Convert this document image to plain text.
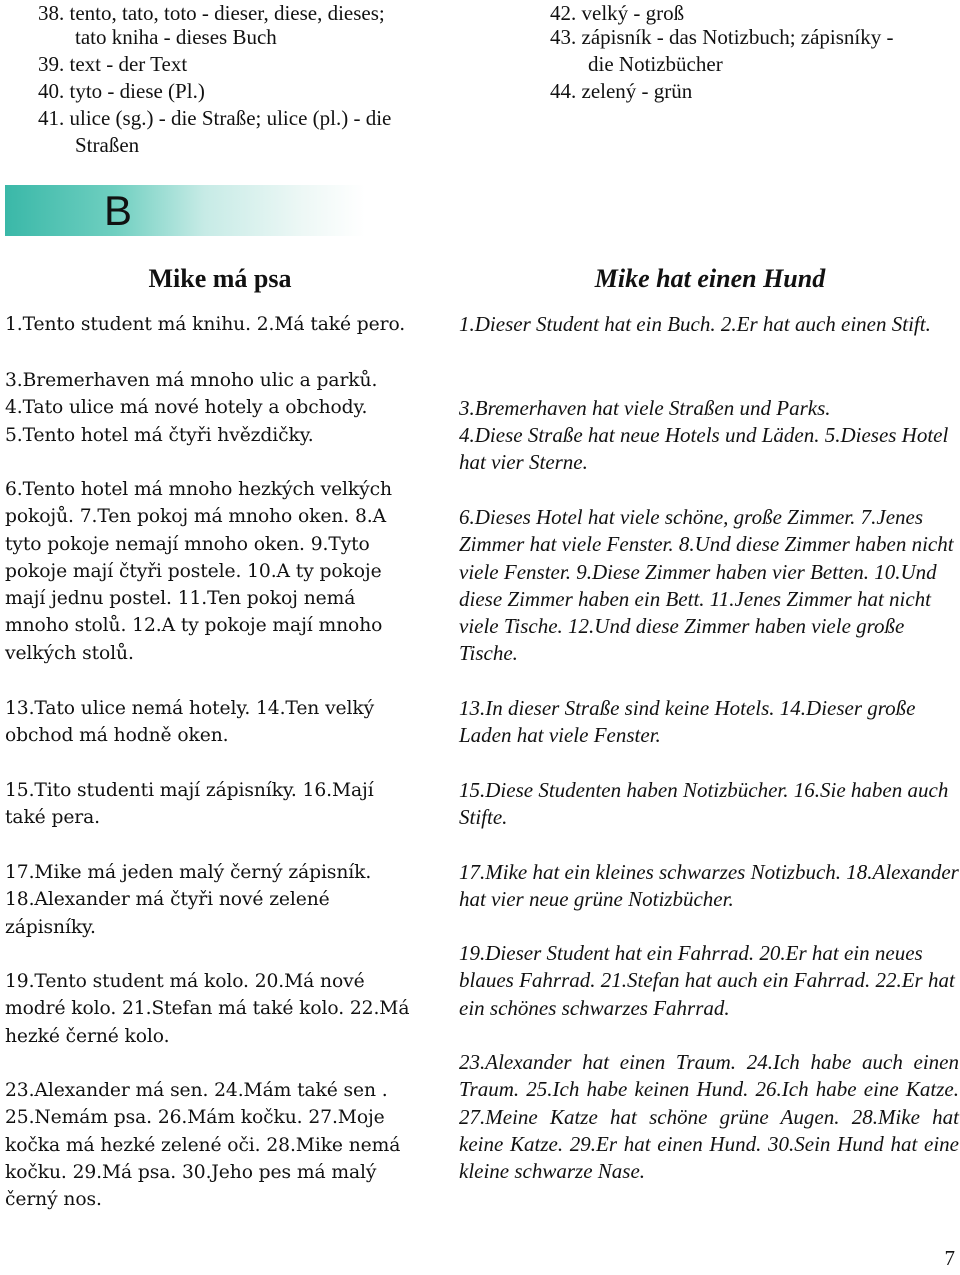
38. tento, tato, toto - dieser, diese, dieses;
tato kniha - dieses Buch
39. text - der Text
40. tyto - diese (Pl.)
41. ulice (sg.) - die Straße; ulice (pl.) - die
Straßen
42. velký - groß
43. zápisník - das Notizbuch; zápisníky -
die Notizbücher
44. zelený - grün
B
Mike má psa	Mike hat einen Hund
1.Tento student má knihu. 2.Má také pero.
3.Bremerhaven má mnoho ulic a parků. 4.Tato ulice má nové hotely a obchody. 5.Tento hotel má čtyři hvězdičky.
6.Tento hotel má mnoho hezkých velkých pokojů. 7.Ten pokoj má mnoho oken. 8.A tyto pokoje nemají mnoho oken. 9.Tyto pokoje mají čtyři postele. 10.A ty pokoje mají jednu postel. 11.Ten pokoj nemá mnoho stolů. 12.A ty pokoje mají mnoho velkých stolů.
13.Tato ulice nemá hotely. 14.Ten velký obchod má hodně oken.
15.Tito studenti mají zápisníky. 16.Mají také pera.
17.Mike má jeden malý černý zápisník. 18.Alexander má čtyři nové zelené zápisníky.
19.Tento student má kolo. 20.Má nové modré kolo. 21.Stefan má také kolo. 22.Má hezké černé kolo.
23.Alexander má sen. 24.Mám také sen . 25.Nemám psa. 26.Mám kočku. 27.Moje kočka má hezké zelené oči. 28.Mike nemá kočku. 29.Má psa. 30.Jeho pes má malý černý nos.
1.Dieser Student hat ein Buch. 2.Er hat auch einen Stift.
3.Bremerhaven hat viele Straßen und Parks.
4.Diese Straße hat neue Hotels und Läden. 5.Dieses Hotel hat vier Sterne.
6.Dieses Hotel hat viele schöne, große Zimmer. 7.Jenes Zimmer hat viele Fenster. 8.Und diese Zimmer haben nicht viele Fenster. 9.Diese Zimmer haben vier Betten. 10.Und diese Zimmer haben ein Bett. 11.Jenes Zimmer hat nicht viele Tische. 12.Und diese Zimmer haben viele große Tische.
13.In dieser Straße sind keine Hotels. 14.Dieser große Laden hat viele Fenster.
15.Diese Studenten haben Notizbücher. 16.Sie haben auch Stifte.
17.Mike hat ein kleines schwarzes Notizbuch. 18.Alexander hat vier neue grüne Notizbücher.
19.Dieser Student hat ein Fahrrad. 20.Er hat ein neues blaues Fahrrad. 21.Stefan hat auch ein Fahrrad. 22.Er hat ein schönes schwarzes Fahrrad.
23.Alexander hat einen Traum. 24.Ich habe auch einen Traum. 25.Ich habe keinen Hund. 26.Ich habe eine Katze. 27.Meine Katze hat schöne grüne Augen. 28.Mike hat keine Katze. 29.Er hat einen Hund. 30.Sein Hund hat eine kleine schwarze Nase.
7
